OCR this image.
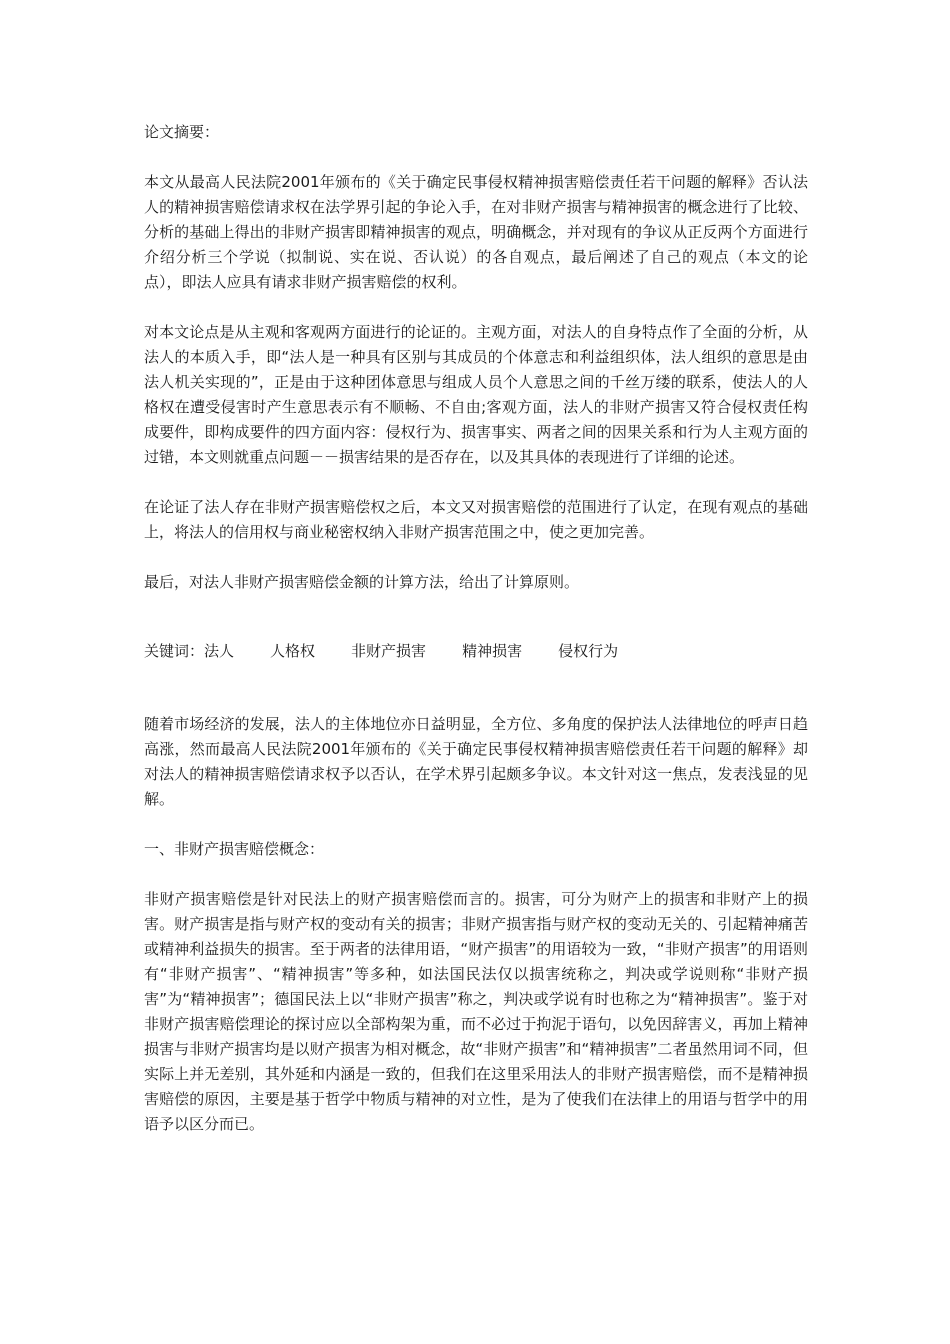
论文摘要：

本文从最高人民法院2001年颁布的《关于确定民事侵权精神损害赔偿责任若干问题的解释》否认法人的精神损害赔偿请求权在法学界引起的争论入手，在对非财产损害与精神损害的概念进行了比较、分析的基础上得出的非财产损害即精神损害的观点，明确概念，并对现有的争议从正反两个方面进行介绍分析三个学说（拟制说、实在说、否认说）的各自观点，最后阐述了自己的观点（本文的论点），即法人应具有请求非财产损害赔偿的权利。

对本文论点是从主观和客观两方面进行的论证的。主观方面，对法人的自身特点作了全面的分析，从法人的本质入手，即“法人是一种具有区别与其成员的个体意志和利益组织体，法人组织的意思是由法人机关实现的”，正是由于这种团体意思与组成人员个人意思之间的千丝万缕的联系，使法人的人格权在遭受侵害时产生意思表示有不顺畅、不自由;客观方面，法人的非财产损害又符合侵权责任构成要件，即构成要件的四方面内容：侵权行为、损害事实、两者之间的因果关系和行为人主观方面的过错，本文则就重点问题－－损害结果的是否存在，以及其具体的表现进行了详细的论述。

在论证了法人存在非财产损害赔偿权之后，本文又对损害赔偿的范围进行了认定，在现有观点的基础上，将法人的信用权与商业秘密权纳入非财产损害范围之中，使之更加完善。

最后，对法人非财产损害赔偿金额的计算方法，给出了计算原则。

关键词：法人 人格权 非财产损害 精神损害 侵权行为

随着市场经济的发展，法人的主体地位亦日益明显，全方位、多角度的保护法人法律地位的呼声日趋高涨，然而最高人民法院2001年颁布的《关于确定民事侵权精神损害赔偿责任若干问题的解释》却对法人的精神损害赔偿请求权予以否认，在学术界引起颇多争议。本文针对这一焦点，发表浅显的见解。

一、非财产损害赔偿概念：

非财产损害赔偿是针对民法上的财产损害赔偿而言的。损害，可分为财产上的损害和非财产上的损害。财产损害是指与财产权的变动有关的损害；非财产损害指与财产权的变动无关的、引起精神痛苦或精神利益损失的损害。至于两者的法律用语，“财产损害”的用语较为一致，“非财产损害”的用语则有“非财产损害”、“精神损害”等多种，如法国民法仅以损害统称之，判决或学说则称“非财产损害”为“精神损害”；德国民法上以“非财产损害”称之，判决或学说有时也称之为“精神损害”。鉴于对非财产损害赔偿理论的探讨应以全部构架为重，而不必过于拘泥于语句，以免因辞害义，再加上精神损害与非财产损害均是以财产损害为相对概念，故“非财产损害”和“精神损害”二者虽然用词不同，但实际上并无差别，其外延和内涵是一致的，但我们在这里采用法人的非财产损害赔偿，而不是精神损害赔偿的原因，主要是基于哲学中物质与精神的对立性，是为了使我们在法律上的用语与哲学中的用语予以区分而已。
